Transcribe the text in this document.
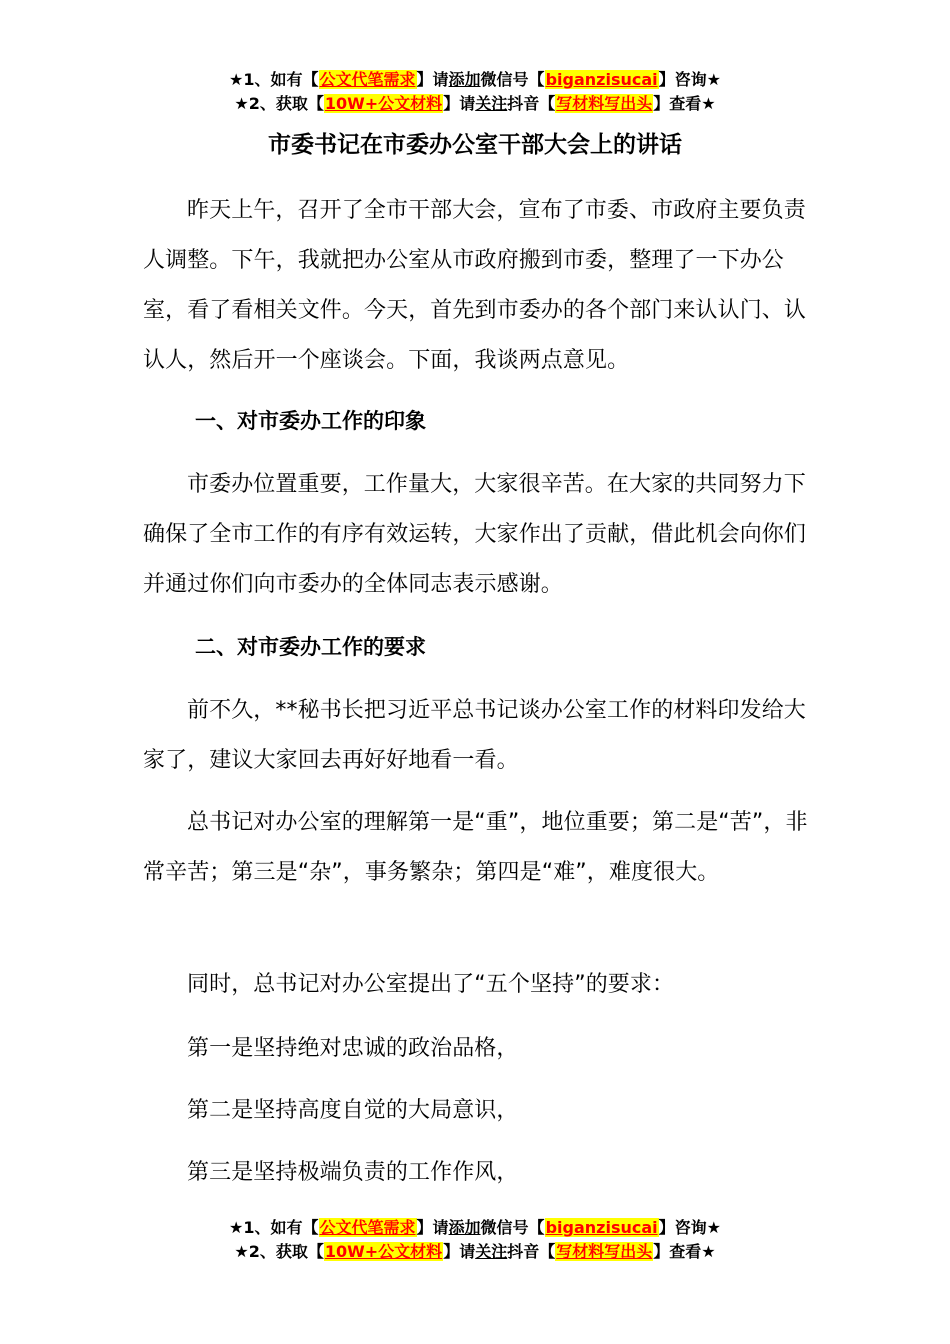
★1、如有【公文代笔需求】请添加微信号【biganzisucai】咨询★
★2、获取【10W+公文材料】请关注抖音【写材料写出头】查看★
市委书记在市委办公室干部大会上的讲话

昨天上午，召开了全市干部大会，宣布了市委、市政府主要负责人调整。下午，我就把办公室从市政府搬到市委，整理了一下办公室，看了看相关文件。今天，首先到市委办的各个部门来认认门、认认人，然后开一个座谈会。下面，我谈两点意见。

一、对市委办工作的印象

市委办位置重要，工作量大，大家很辛苦。在大家的共同努力下确保了全市工作的有序有效运转，大家作出了贡献，借此机会向你们并通过你们向市委办的全体同志表示感谢。

二、对市委办工作的要求

前不久，**秘书长把习近平总书记谈办公室工作的材料印发给大家了，建议大家回去再好好地看一看。

总书记对办公室的理解第一是“重”，地位重要；第二是“苦”，非常辛苦；第三是“杂”，事务繁杂；第四是“难”，难度很大。

同时，总书记对办公室提出了“五个坚持”的要求：

第一是坚持绝对忠诚的政治品格，

第二是坚持高度自觉的大局意识，

第三是坚持极端负责的工作作风，

★1、如有【公文代笔需求】请添加微信号【biganzisucai】咨询★
★2、获取【10W+公文材料】请关注抖音【写材料写出头】查看★
